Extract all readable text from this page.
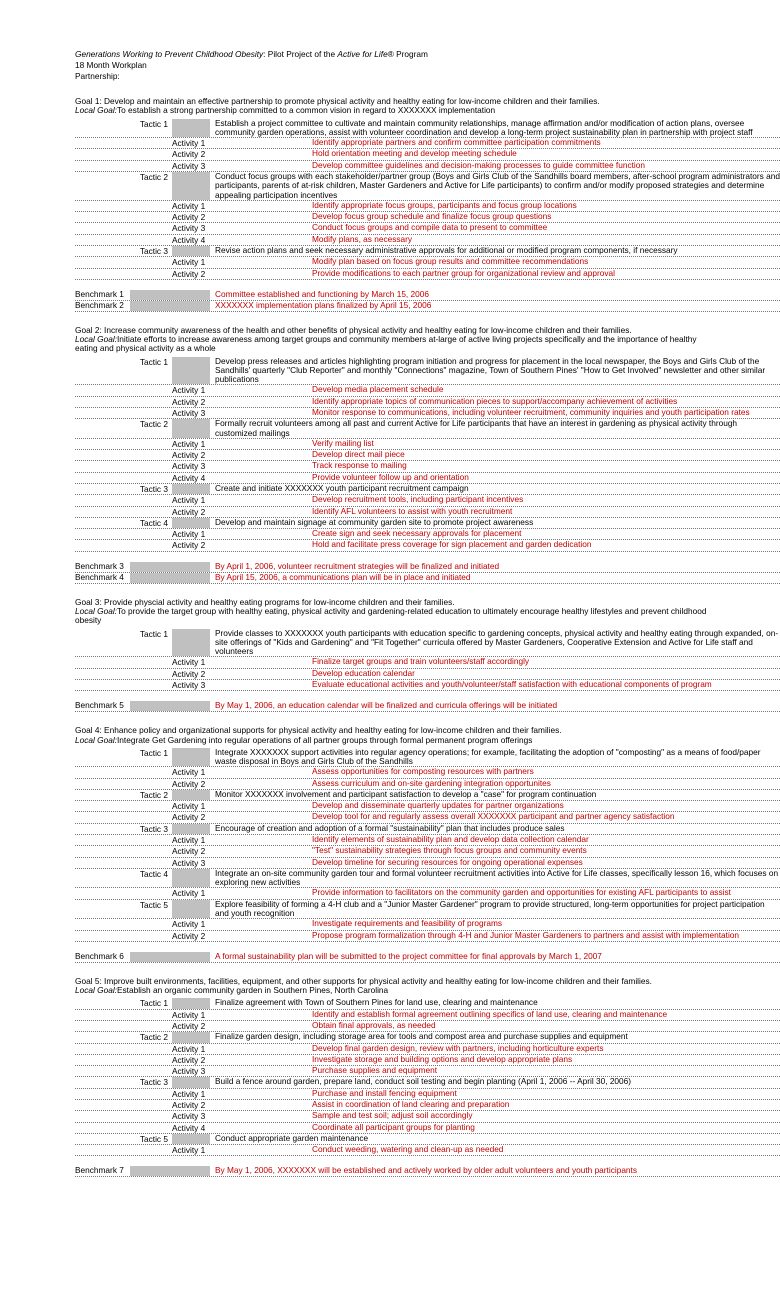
Generations Working to Prevent Childhood Obesity: Pilot Project of the Active for Life® Program
18 Month Workplan
Partnership:
Goal 1: Develop and maintain an effective partnership to promote physical activity and healthy eating for low-income children and their families.
Local Goal:To establish a strong partnership committed to a common vision in regard to XXXXXXX implementation
Tactic 1	Establish a project committee to cultivate and maintain community relationships, manage affirmation and/or modification of action plans, oversee community garden operations, assist with volunteer coordination and develop a long-term project sustainability plan in partnership with project staff
Activity 1	Identify appropriate partners and confirm committee participation commitments
Activity 2	Hold orientation meeting and develop meeting schedule
Activity 3	Develop committee guidelines and decision-making processes to guide committee function
Tactic 2	Conduct focus groups with each stakeholder/partner group (Boys and Girls Club of the Sandhills board members, after-school program administrators and participants, parents of at-risk children, Master Gardeners and Active for Life participants) to confirm and/or modify proposed strategies and determine appealing participation incentives
Activity 1	Identify appropriate focus groups, participants and focus group locations
Activity 2	Develop focus group schedule and finalize focus group questions
Activity 3	Conduct focus groups and compile data to present to committee
Activity 4	Modify plans, as necessary
Tactic 3	Revise action plans and seek necessary administrative approvals for additional or modified program components, if necessary
Activity 1	Modify plan based on focus group results and committee recommendations
Activity 2	Provide modifications to each partner group for organizational review and approval
Benchmark 1	Committee established and functioning by March 15, 2006
Benchmark 2	XXXXXXX implementation plans finalized by April 15, 2006
Goal 2: Increase community awareness of the health and other benefits of physical activity and healthy eating for low-income children and their families.
Local Goal:Initiate efforts to increase awareness among target groups and community members at-large of active living projects specifically and the importance of healthy eating and physical activity as a whole
Tactic 1	Develop press releases and articles highlighting program initiation and progress for placement in the local newspaper, the Boys and Girls Club of the Sandhills' quarterly "Club Reporter" and monthly "Connections" magazine, Town of Southern Pines' "How to Get Involved" newsletter and other similar publications
Activity 1	Develop media placement schedule
Activity 2	Identify appropriate topics of communication pieces to support/accompany achievement of activities
Activity 3	Monitor response to communications, including volunteer recruitment, community inquiries and youth participation rates
Tactic 2	Formally recruit volunteers among all past and current Active for Life participants that have an interest in gardening as physical activity through customized mailings
Activity 1	Verify mailing list
Activity 2	Develop direct mail piece
Activity 3	Track response to mailing
Activity 4	Provide volunteer follow up and orientation
Tactic 3	Create and initiate XXXXXXX youth participant recruitment campaign
Activity 1	Develop recruitment tools, including participant incentives
Activity 2	Identify AFL volunteers to assist with youth recruitment
Tactic 4	Develop and maintain signage at community garden site to promote project awareness
Activity 1	Create sign and seek necessary approvals for placement
Activity 2	Hold and facilitate press coverage for sign placement and garden dedication
Benchmark 3	By April 1, 2006, volunteer recruitment strategies will be finalized and initiated
Benchmark 4	By April 15, 2006, a communications plan will be in place and initiated
Goal 3: Provide physcial activity and healthy eating programs for low-income children and their families.
Local Goal:To provide the target group with healthy eating, physical activity and gardening-related education to ultimately encourage healthy lifestyles and prevent childhood obesity
Tactic 1	Provide classes to XXXXXXX youth participants with education specific to gardening concepts, physical activity and healthy eating through expanded, on-site offerings of "Kids and Gardening" and "Fit Together" curricula offered by Master Gardeners, Cooperative Extension and Active for Life staff and volunteers
Activity 1	Finalize target groups and train volunteers/staff accordingly
Activity 2	Develop education calendar
Activity 3	Evaluate educational activities and youth/volunteer/staff satisfaction with educational components of program
Benchmark 5	By May 1, 2006, an education calendar will be finalized and curricula offerings will be initiated
Goal 4: Enhance policy and organizational supports for physical activity and healthy eating for low-income children and their families.
Local Goal:Integrate Get Gardening into regular operations of all partner groups through formal permanent program offerings
Tactic 1	Integrate XXXXXXX support activities into regular agency operations; for example, facilitating the adoption of "composting" as a means of food/paper waste disposal in Boys and Girls Club of the Sandhills
Activity 1	Assess opportunities for composting resources with partners
Activity 2	Assess curriculum and on-site gardening integration opportunites
Tactic 2	Monitor XXXXXXX involvement and participant satisfaction to develop a "case" for program continuation
Activity 1	Develop and disseminate quarterly updates for partner organizations
Activity 2	Develop tool for and regularly assess overall XXXXXXX participant and partner agency satisfaction
Tactic 3	Encourage of creation and adoption of a formal "sustainability" plan that includes produce sales
Activity 1	Identify elements of sustainability plan and develop data collection calendar
Activity 2	"Test" sustainability strategies through focus groups and community events
Activity 3	Develop timeline for securing resources for ongoing operational expenses
Tactic 4	Integrate an on-site community garden tour and formal volunteer recruitment activities into Active for Life classes, specifically lesson 16, which focuses on exploring new activities
Activity 1	Provide information to facilitators on the community garden and opportunities for existing AFL participants to assist
Tactic 5	Explore feasibility of forming a 4-H club and a "Junior Master Gardener" program to provide structured, long-term opportunities for project participation and youth recognition
Activity 1	Investigate requirements and feasibility of programs
Activity 2	Propose program formalization through 4-H and Junior Master Gardeners to partners and assist with implementation
Benchmark 6	A formal sustainability plan will be submitted to the project committee for final approvals by March 1, 2007
Goal 5: Improve built environments, facilities, equipment, and other supports for physical activity and healthy eating for low-income children and their families.
Local Goal:Establish an organic community garden in Southern Pines, North Carolina
Tactic 1	Finalize agreement with Town of Southern Pines for land use, clearing and maintenance
Activity 1	Identify and establish formal agreement outlining specifics of land use, clearing and maintenance
Activity 2	Obtain final approvals, as needed
Tactic 2	Finalize garden design, including storage area for tools and compost area and purchase supplies and equipment
Activity 1	Develop final garden design, review with partners, including horticulture experts
Activity 2	Investigate storage and building options and develop appropriate plans
Activity 3	Purchase supplies and equipment
Tactic 3	Build a fence around garden, prepare land, conduct soil testing and begin planting (April 1, 2006 -- April 30, 2006)
Activity 1	Purchase and install fencing equipment
Activity 2	Assist in coordination of land clearing and preparation
Activity 3	Sample and test soil; adjust soil accordingly
Activity 4	Coordinate all participant groups for planting
Tactic 5	Conduct appropriate garden maintenance
Activity 1	Conduct weeding, watering and clean-up as needed
Benchmark 7	By May 1, 2006, XXXXXXX will be established and actively worked by older adult volunteers and youth participants
